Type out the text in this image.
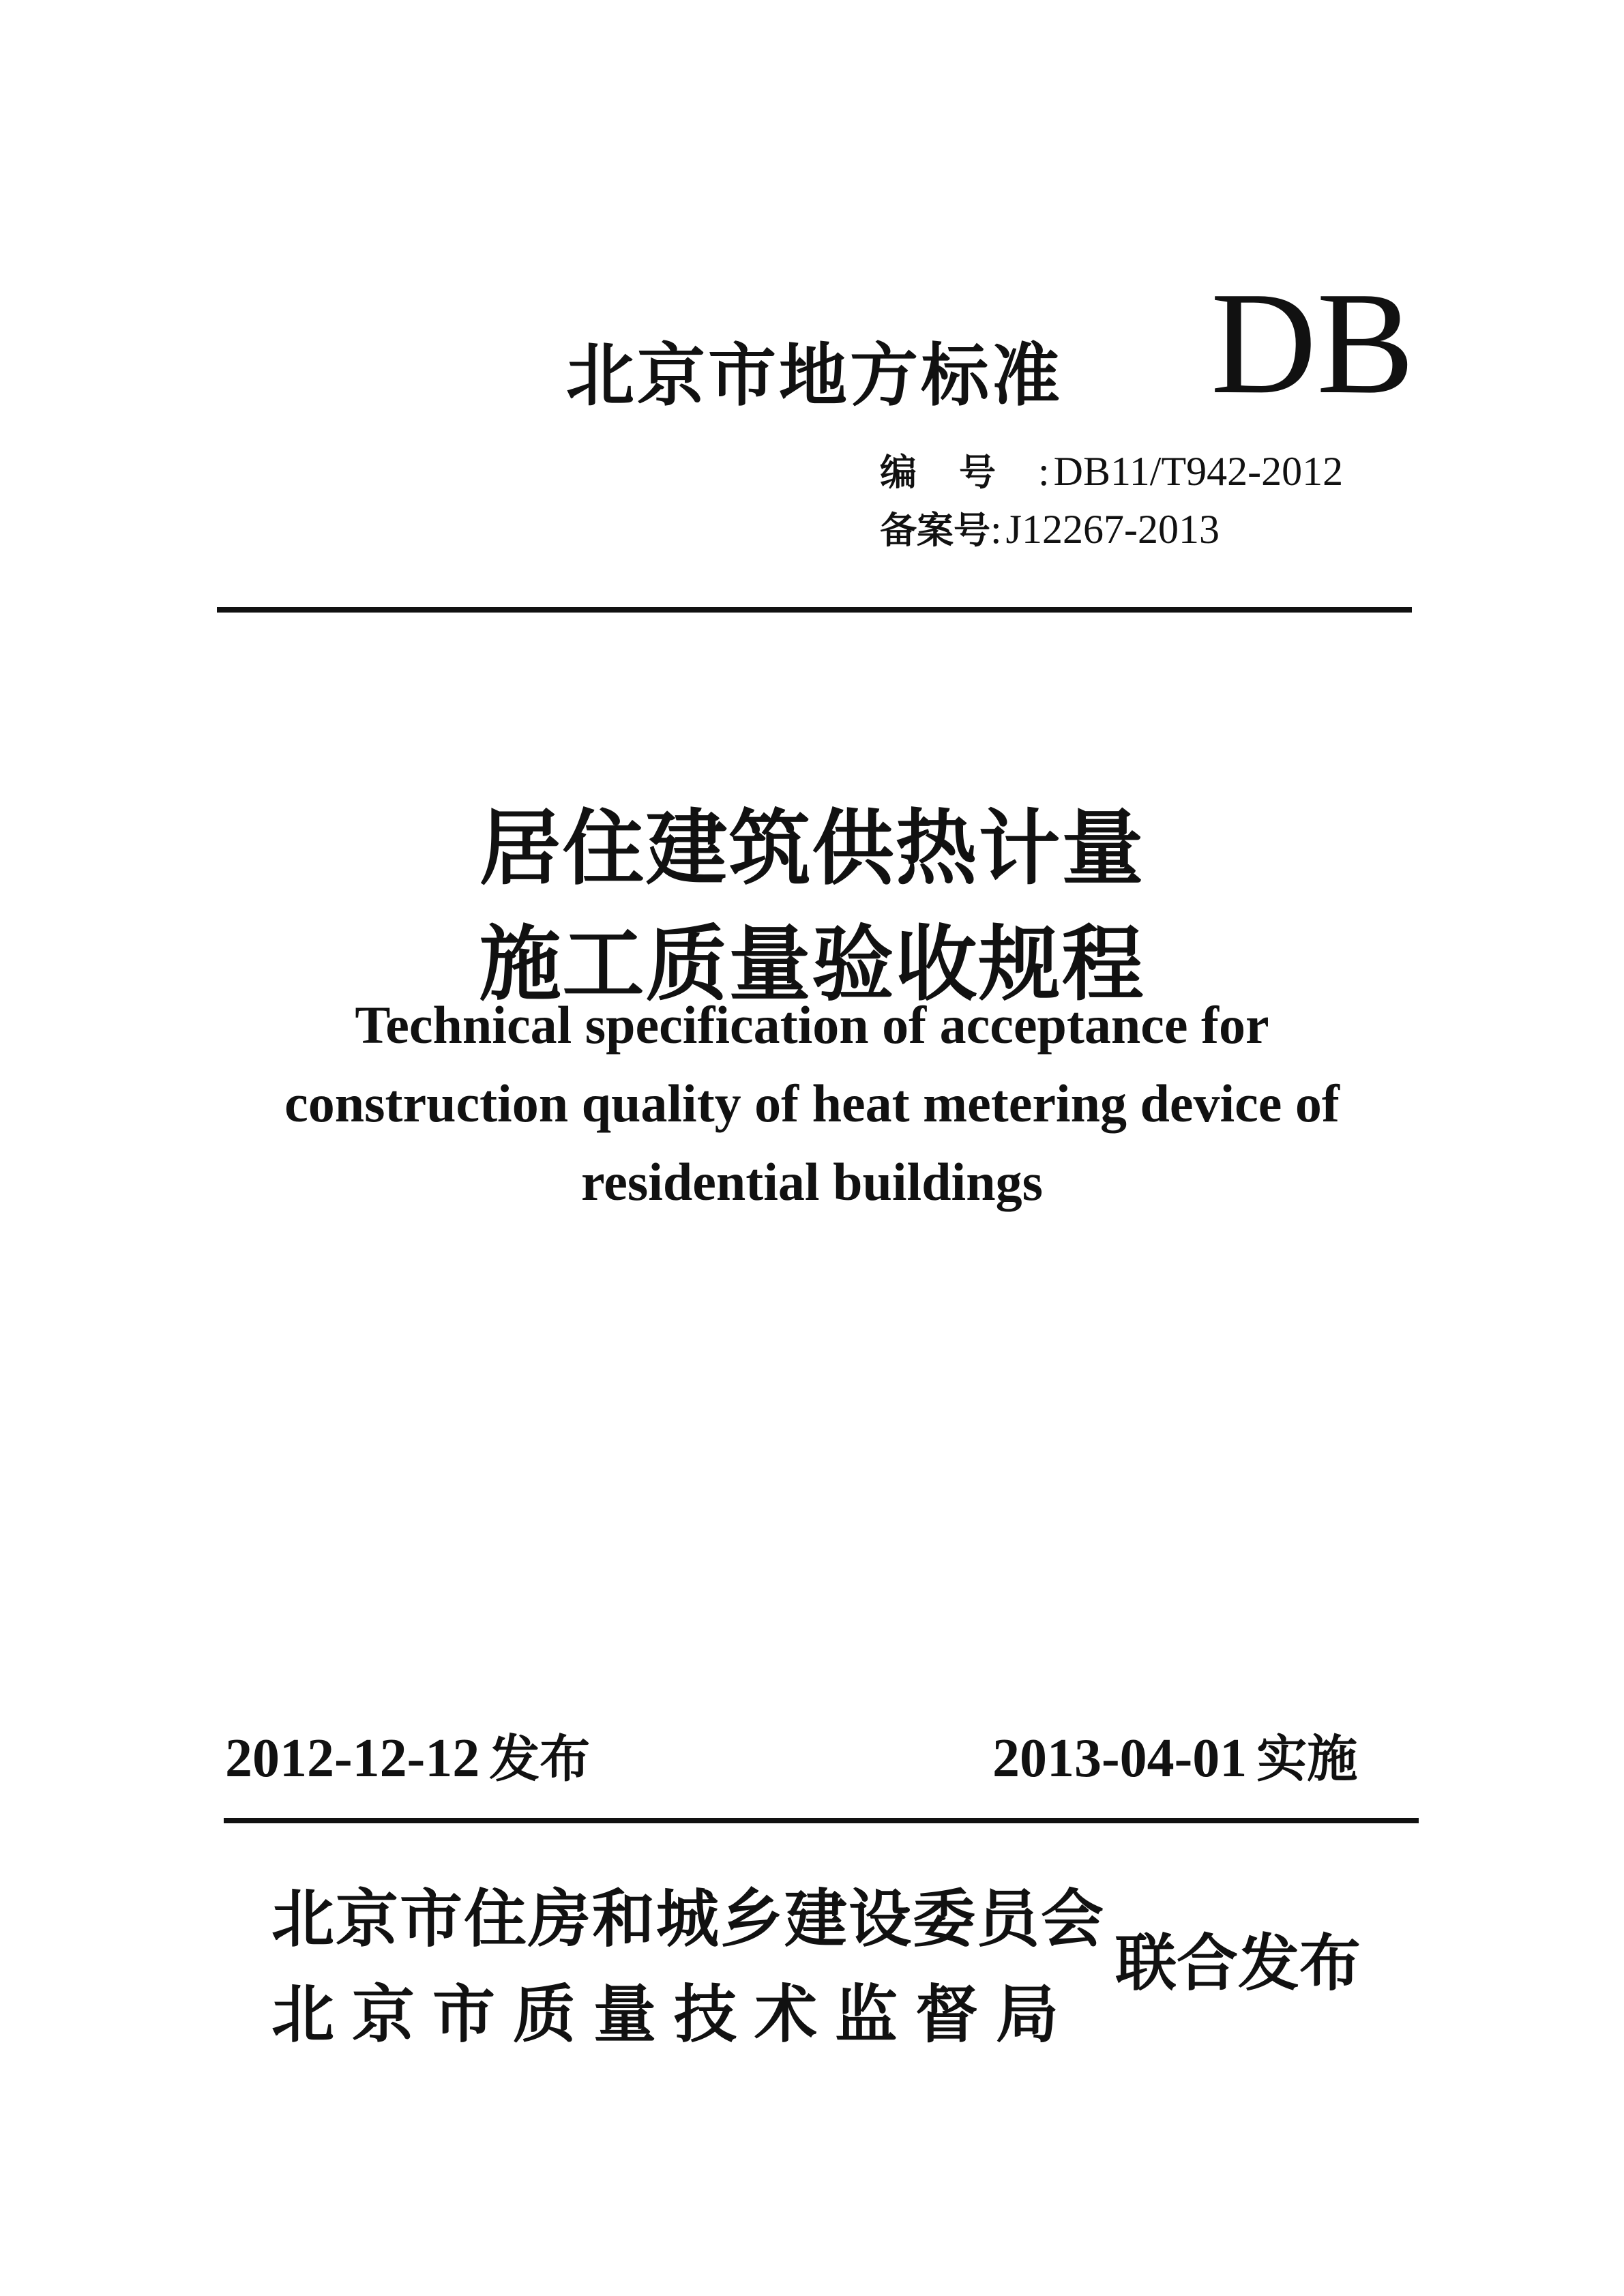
北京市地方标准 DB
编号: DB11/T942-2012
备案号: J12267-2013
居住建筑供热计量
施工质量验收规程
Technical specification of acceptance for
construction quality of heat metering device of
residential buildings
2012-12-12 发布	2013-04-01 实施
北京市住房和城乡建设委员会
北京市质量技术监督局
联合发布
